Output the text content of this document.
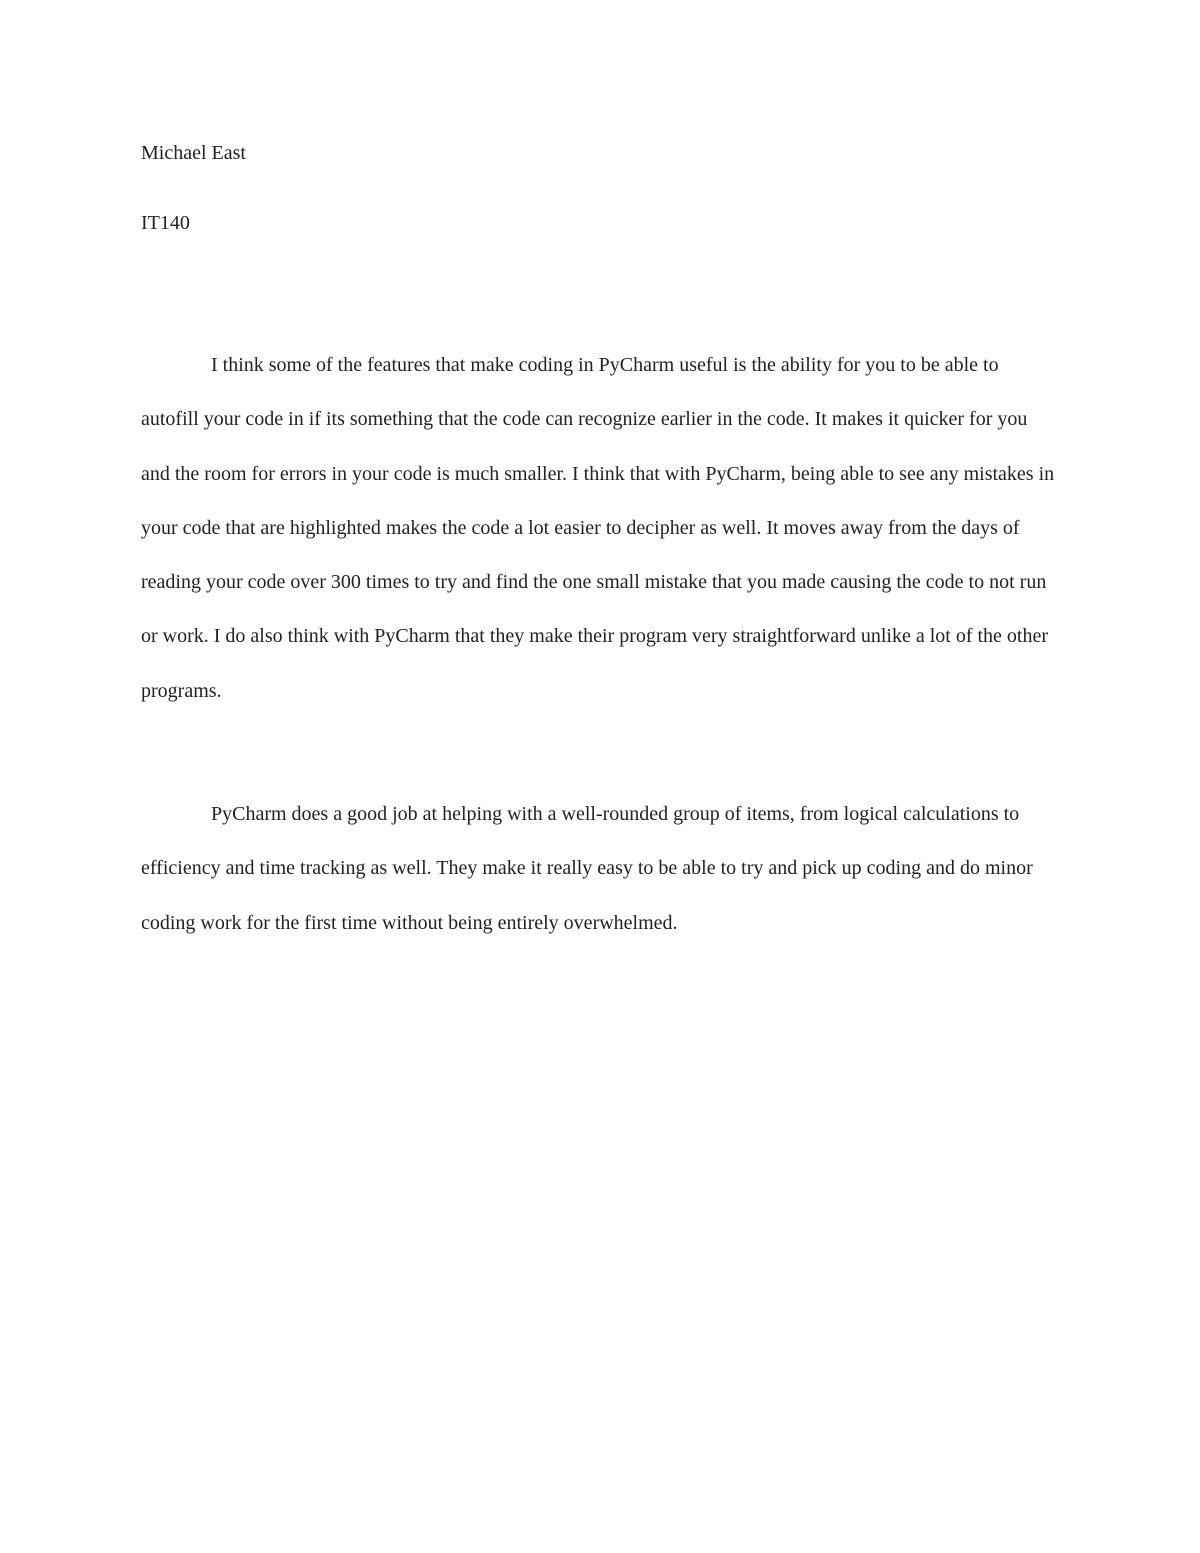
Michael East

IT140

I think some of the features that make coding in PyCharm useful is the ability for you to be able to autofill your code in if its something that the code can recognize earlier in the code. It makes it quicker for you and the room for errors in your code is much smaller. I think that with PyCharm, being able to see any mistakes in your code that are highlighted makes the code a lot easier to decipher as well. It moves away from the days of reading your code over 300 times to try and find the one small mistake that you made causing the code to not run or work. I do also think with PyCharm that they make their program very straightforward unlike a lot of the other programs.

PyCharm does a good job at helping with a well-rounded group of items, from logical calculations to efficiency and time tracking as well. They make it really easy to be able to try and pick up coding and do minor coding work for the first time without being entirely overwhelmed.
